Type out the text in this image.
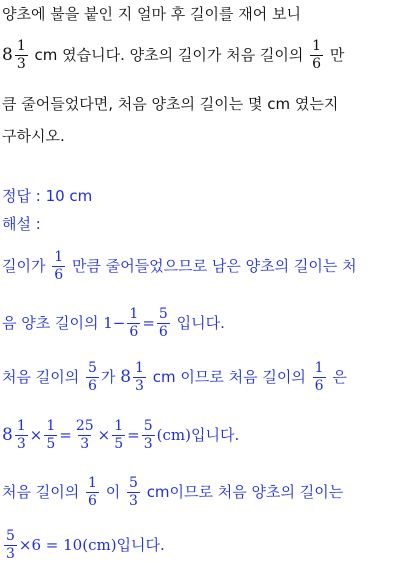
양초에 불을 붙인 지 얼마 후 길이를 재어 보니
$8 \frac{1}{3}$ cm 였습니다. 양초의 길이가 처음 길이의 $\frac{1}{6}$ 만
큼 줄어들었다면, 처음 양초의 길이는 몇 cm 였는지
구하시오.
정답 : 10 cm
해설 :
길이가 $\frac{1}{6}$ 만큼 줄어들었으므로 남은 양초의 길이는 처
음 양초 길이의 $1- \frac{1}{6} = \frac{5}{6}$ 입니다.
처음 길이의 $\frac{5}{6}$ 가 $8 \frac{1}{3}$ cm 이므로 처음 길이의 $\frac{1}{6}$ 은
$8 \frac{1}{3} \times \frac{1}{5} = \frac{25}{3} \times \frac{1}{5} = \frac{5}{3} (cm)$입니다.
처음 길이의 $\frac{1}{6}$ 이 $\frac{5}{3}$ cm이므로 처음 양초의 길이는
$\frac{5}{3} \times 6 = 10(cm)$입니다.
